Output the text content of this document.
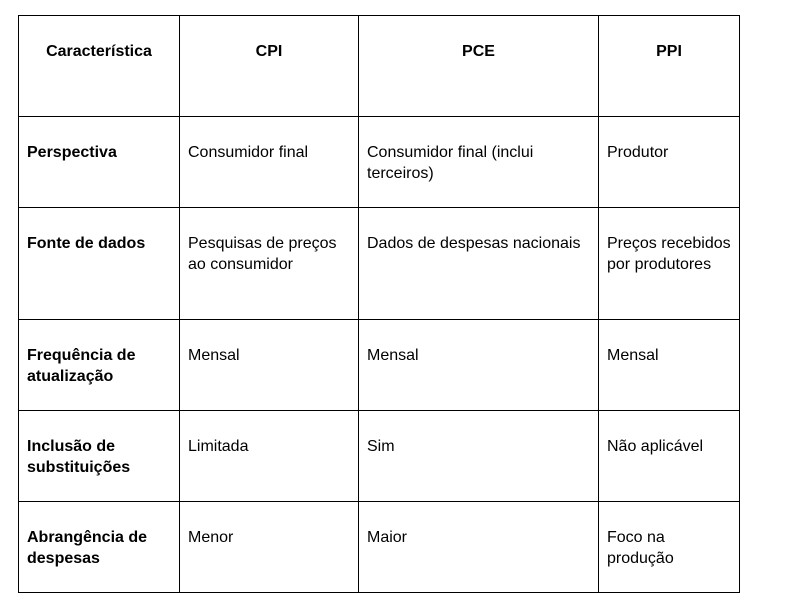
Característica	CPI	PCE	PPI
Perspectiva	Consumidor final	Consumidor final (inclui terceiros)	Produtor
Fonte de dados	Pesquisas de preços ao consumidor	Dados de despesas nacionais	Preços recebidos por produtores
Frequência de atualização	Mensal	Mensal	Mensal
Inclusão de substituições	Limitada	Sim	Não aplicável
Abrangência de despesas	Menor	Maior	Foco na produção
